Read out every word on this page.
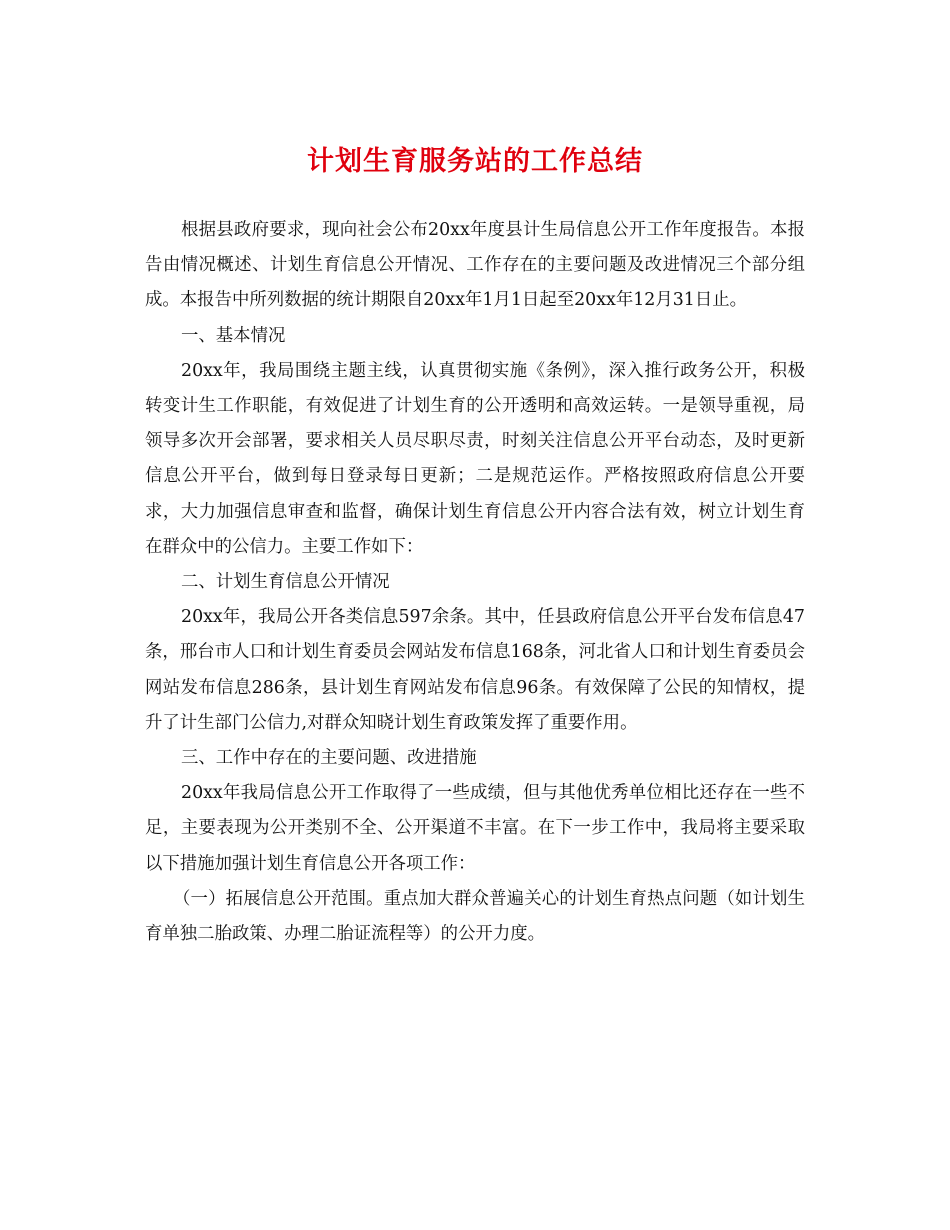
计划生育服务站的工作总结

根据县政府要求，现向社会公布20xx年度县计生局信息公开工作年度报告。本报告由情况概述、计划生育信息公开情况、工作存在的主要问题及改进情况三个部分组成。本报告中所列数据的统计期限自20xx年1月1日起至20xx年12月31日止。

一、基本情况

20xx年，我局围绕主题主线，认真贯彻实施《条例》，深入推行政务公开，积极转变计生工作职能，有效促进了计划生育的公开透明和高效运转。一是领导重视，局领导多次开会部署，要求相关人员尽职尽责，时刻关注信息公开平台动态，及时更新信息公开平台，做到每日登录每日更新；二是规范运作。严格按照政府信息公开要求，大力加强信息审查和监督，确保计划生育信息公开内容合法有效，树立计划生育在群众中的公信力。主要工作如下：

二、计划生育信息公开情况

20xx年，我局公开各类信息597余条。其中，任县政府信息公开平台发布信息47条，邢台市人口和计划生育委员会网站发布信息168条，河北省人口和计划生育委员会网站发布信息286条，县计划生育网站发布信息96条。有效保障了公民的知情权，提升了计生部门公信力,对群众知晓计划生育政策发挥了重要作用。

三、工作中存在的主要问题、改进措施

20xx年我局信息公开工作取得了一些成绩，但与其他优秀单位相比还存在一些不足，主要表现为公开类别不全、公开渠道不丰富。在下一步工作中，我局将主要采取以下措施加强计划生育信息公开各项工作：

（一）拓展信息公开范围。重点加大群众普遍关心的计划生育热点问题（如计划生育单独二胎政策、办理二胎证流程等）的公开力度。
